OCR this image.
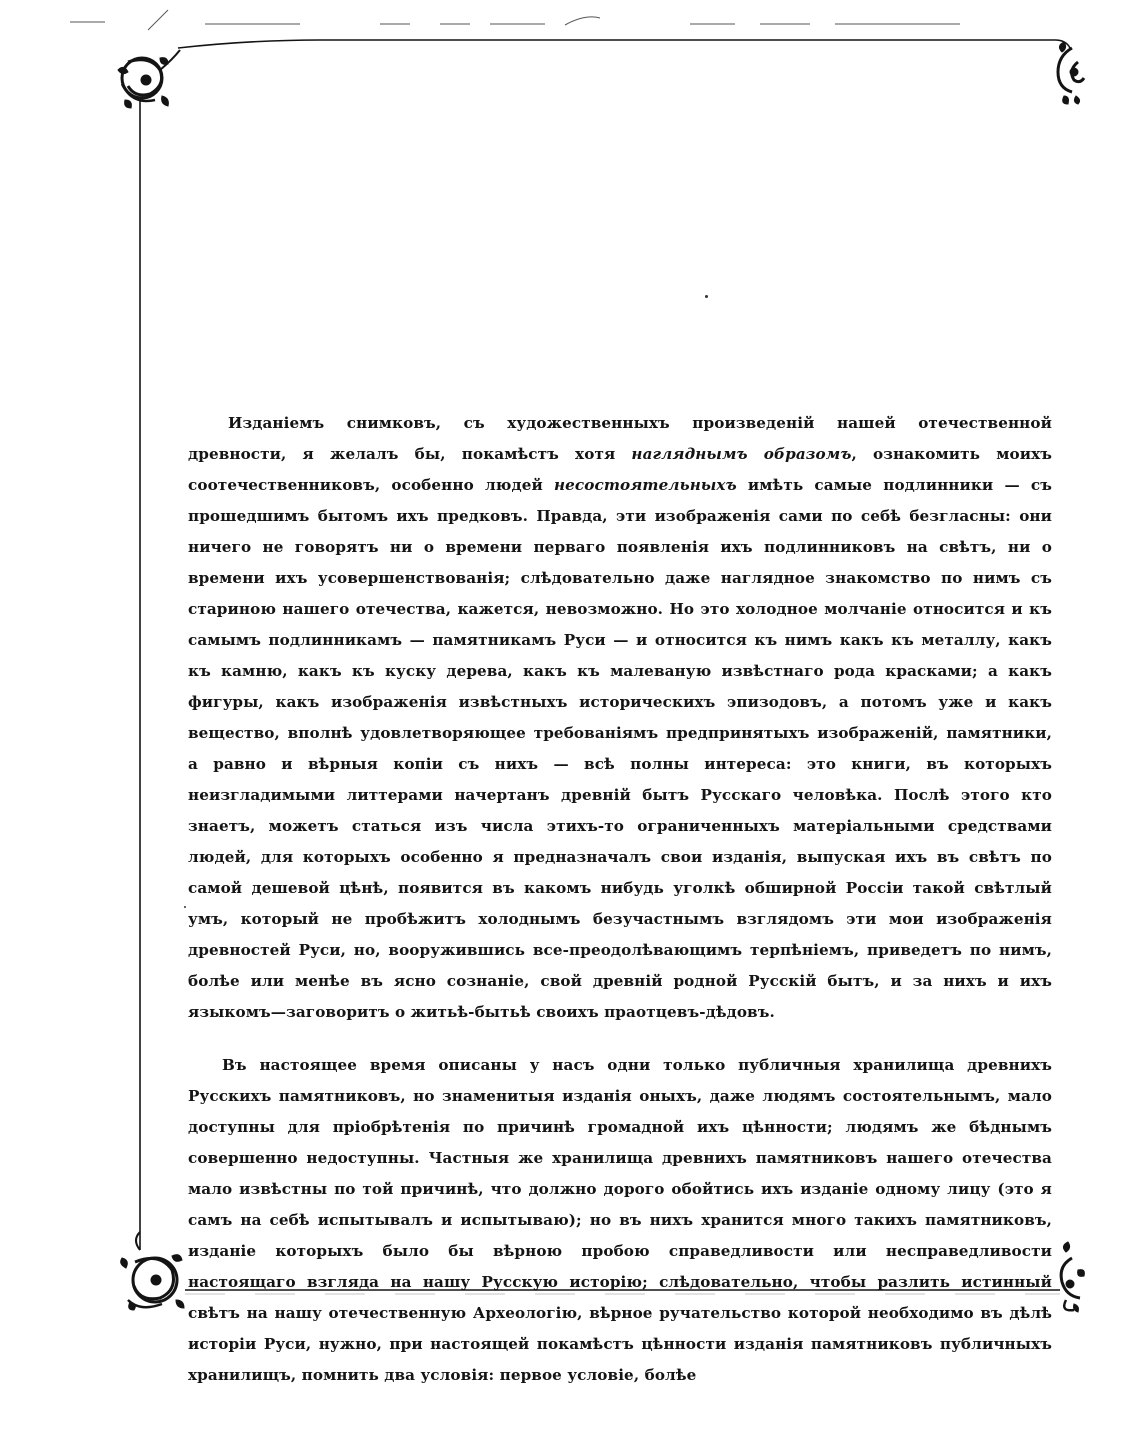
Изданіемъ снимковъ, съ художественныхъ произведеній нашей отечественной древности, я желалъ бы, покамѣстъ хотя нагляднымъ образомъ, ознакомить моихъ соотечественниковъ, особенно людей несостоятельныхъ имѣть самые подлинники — съ прошедшимъ бытомъ ихъ предковъ. Правда, эти изображенія сами по себѣ безгласны: они ничего не говорятъ ни о времени перваго появленія ихъ подлинниковъ на свѣтъ, ни о времени ихъ усовершенствованія; слѣдовательно даже наглядное знакомство по нимъ съ стариною нашего отечества, кажется, невозможно. Но это холодное молчаніе относится и къ самымъ подлинникамъ — памятникамъ Руси — и относится къ нимъ какъ къ металлу, какъ къ камню, какъ къ куску дерева, какъ къ малеваную извѣстнаго рода красками; а какъ фигуры, какъ изображенія извѣстныхъ историческихъ эпизодовъ, а потомъ уже и какъ вещество, вполнѣ удовлетворяющее требованіямъ предпринятыхъ изображеній, памятники, а равно и вѣрныя копіи съ нихъ — всѣ полны интереса: это книги, въ которыхъ неизгладимыми литтерами начертанъ древній бытъ Русскаго человѣка. Послѣ этого кто знаетъ, можетъ статься изъ числа этихъ-то ограниченныхъ матеріальными средствами людей, для которыхъ особенно я предназначалъ свои изданія, выпуская ихъ въ свѣтъ по самой дешевой цѣнѣ, появится въ какомъ нибудь уголкѣ обширной Россіи такой свѣтлый умъ, который не пробѣжитъ холоднымъ безучастнымъ взглядомъ эти мои изображенія древностей Руси, но, вооружившись все-преодолѣвающимъ терпѣніемъ, приведетъ по нимъ, болѣе или менѣе въ ясно сознаніе, свой древній родной Русскій бытъ, и за нихъ и ихъ языкомъ—заговоритъ о житьѣ-бытьѣ своихъ праотцевъ-дѣдовъ.

Въ настоящее время описаны у насъ одни только публичныя хранилища древнихъ Русскихъ памятниковъ, но знаменитыя изданія оныхъ, даже людямъ состоятельнымъ, мало доступны для пріобрѣтенія по причинѣ громадной ихъ цѣнности; людямъ же бѣднымъ совершенно недоступны. Частныя же хранилища древнихъ памятниковъ нашего отечества мало извѣстны по той причинѣ, что должно дорого обойтись ихъ изданіе одному лицу (это я самъ на себѣ испытывалъ и испытываю); но въ нихъ хранится много такихъ памятниковъ, изданіе которыхъ было бы вѣрною пробою справедливости или несправедливости настоящаго взгляда на нашу Русскую исторію; слѣдовательно, чтобы разлить истинный свѣтъ на нашу отечественную Археологію, вѣрное ручательство которой необходимо въ дѣлѣ исторіи Руси, нужно, при настоящей покамѣстъ цѣнности изданія памятниковъ публичныхъ хранилищъ, помнить два условія: первое условіе, болѣе
